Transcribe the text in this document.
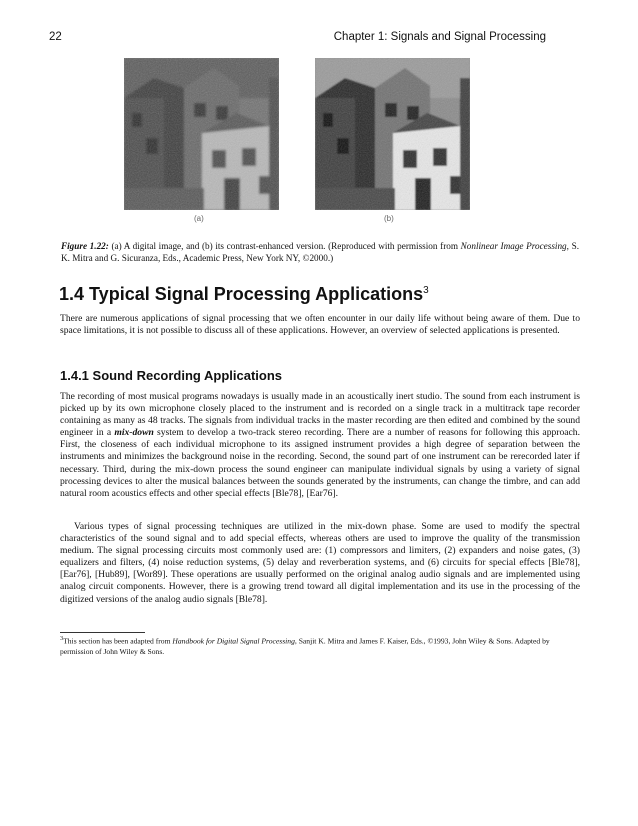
22	Chapter 1: Signals and Signal Processing
(a)	(b)
Figure 1.22: (a) A digital image, and (b) its contrast-enhanced version. (Reproduced with permission from Nonlinear Image Processing, S. K. Mitra and G. Sicuranza, Eds., Academic Press, New York NY, ©2000.)
1.4 Typical Signal Processing Applications$^3$

There are numerous applications of signal processing that we often encounter in our daily life without being aware of them. Due to space limitations, it is not possible to discuss all of these applications. However, an overview of selected applications is presented.

1.4.1 Sound Recording Applications

The recording of most musical programs nowadays is usually made in an acoustically inert studio. The sound from each instrument is picked up by its own microphone closely placed to the instrument and is recorded on a single track in a multitrack tape recorder containing as many as 48 tracks. The signals from individual tracks in the master recording are then edited and combined by the sound engineer in a mix-down system to develop a two-track stereo recording. There are a number of reasons for following this approach. First, the closeness of each individual microphone to its assigned instrument provides a high degree of separation between the instruments and minimizes the background noise in the recording. Second, the sound part of one instrument can be rerecorded later if necessary. Third, during the mix-down process the sound engineer can manipulate individual signals by using a variety of signal processing devices to alter the musical balances between the sounds generated by the instruments, can change the timbre, and can add natural room acoustics effects and other special effects [Ble78], [Ear76].

Various types of signal processing techniques are utilized in the mix-down phase. Some are used to modify the spectral characteristics of the sound signal and to add special effects, whereas others are used to improve the quality of the transmission medium. The signal processing circuits most commonly used are: (1) compressors and limiters, (2) expanders and noise gates, (3) equalizers and filters, (4) noise reduction systems, (5) delay and reverberation systems, and (6) circuits for special effects [Ble78], [Ear76], [Hub89], [Wor89]. These operations are usually performed on the original analog audio signals and are implemented using analog circuit components. However, there is a growing trend toward all digital implementation and its use in the processing of the digitized versions of the analog audio signals [Ble78].

$^3$This section has been adapted from Handbook for Digital Signal Processing, Sanjit K. Mitra and James F. Kaiser, Eds., ©1993, John Wiley & Sons. Adapted by permission of John Wiley & Sons.
